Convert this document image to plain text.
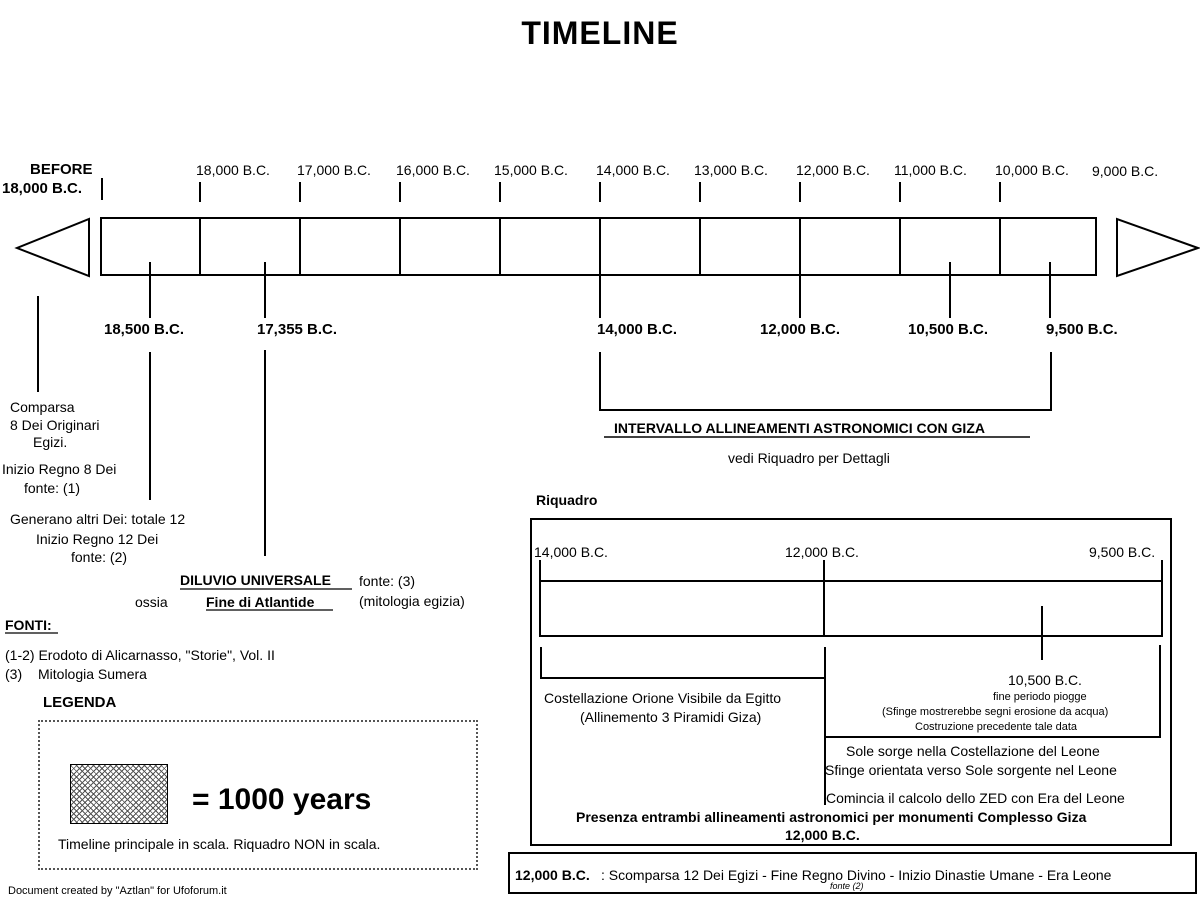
TIMELINE
BEFORE
18,000 B.C.
18,000 B.C. 17,000 B.C. 16,000 B.C. 15,000 B.C. 14,000 B.C. 13,000 B.C. 12,000 B.C. 11,000 B.C. 10,000 B.C. 9,000 B.C.
18,500 B.C.	17,355 B.C.	14,000 B.C.	12,000 B.C.	10,500 B.C.	9,500 B.C.
Comparsa
8 Dei Originari
Egizi.
Inizio Regno 8 Dei
fonte: (1)
Generano altri Dei: totale 12
Inizio Regno 12 Dei
fonte: (2)
DILUVIO UNIVERSALE
ossia	Fine di Atlantide
fonte: (3)
(mitologia egizia)
INTERVALLO ALLINEAMENTI ASTRONOMICI CON GIZA
vedi Riquadro per Dettagli
FONTI:
(1-2) Erodoto di Alicarnasso, "Storie", Vol. II
(3) Mitologia Sumera
LEGENDA
= 1000 years
Timeline principale in scala. Riquadro NON in scala.
Riquadro
14,000 B.C.	12,000 B.C.	9,500 B.C.
Costellazione Orione Visibile da Egitto
(Allinemento 3 Piramidi Giza)
10,500 B.C.
fine periodo piogge
(Sfinge mostrerebbe segni erosione da acqua)
Costruzione precedente tale data
Sole sorge nella Costellazione del Leone
Sfinge orientata verso Sole sorgente nel Leone
Comincia il calcolo dello ZED con Era del Leone
Presenza entrambi allineamenti astronomici per monumenti Complesso Giza
12,000 B.C.
12,000 B.C. : Scomparsa 12 Dei Egizi - Fine Regno Divino - Inizio Dinastie Umane - Era Leone
fonte (2)
Document created by "Aztlan" for Ufoforum.it
